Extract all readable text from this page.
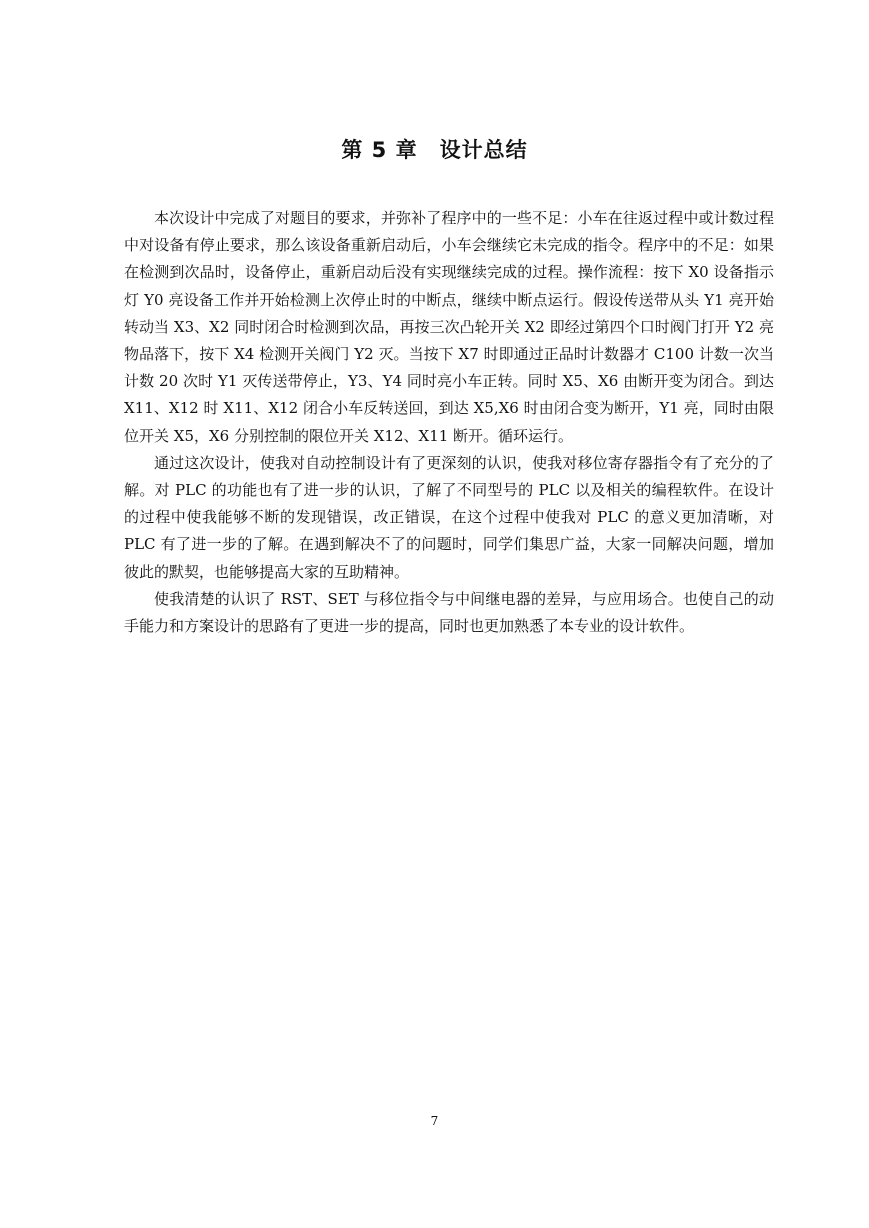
第 5 章　设计总结

本次设计中完成了对题目的要求，并弥补了程序中的一些不足：小车在往返过程中或计数过程中对设备有停止要求，那么该设备重新启动后，小车会继续它未完成的指令。程序中的不足：如果在检测到次品时，设备停止，重新启动后没有实现继续完成的过程。操作流程：按下 X0 设备指示灯 Y0 亮设备工作并开始检测上次停止时的中断点，继续中断点运行。假设传送带从头 Y1 亮开始转动当 X3、X2 同时闭合时检测到次品，再按三次凸轮开关 X2 即经过第四个口时阀门打开 Y2 亮物品落下，按下 X4 检测开关阀门 Y2 灭。当按下 X7 时即通过正品时计数器才 C100 计数一次当计数 20 次时 Y1 灭传送带停止，Y3、Y4 同时亮小车正转。同时 X5、X6 由断开变为闭合。到达 X11、X12 时 X11、X12 闭合小车反转送回，到达 X5,X6 时由闭合变为断开，Y1 亮，同时由限位开关 X5，X6 分别控制的限位开关 X12、X11 断开。循环运行。

通过这次设计，使我对自动控制设计有了更深刻的认识，使我对移位寄存器指令有了充分的了解。对 PLC 的功能也有了进一步的认识，了解了不同型号的 PLC 以及相关的编程软件。在设计的过程中使我能够不断的发现错误，改正错误，在这个过程中使我对 PLC 的意义更加清晰，对 PLC 有了进一步的了解。在遇到解决不了的问题时，同学们集思广益，大家一同解决问题，增加彼此的默契，也能够提高大家的互助精神。

使我清楚的认识了 RST、SET 与移位指令与中间继电器的差异，与应用场合。也使自己的动手能力和方案设计的思路有了更进一步的提高，同时也更加熟悉了本专业的设计软件。

7
